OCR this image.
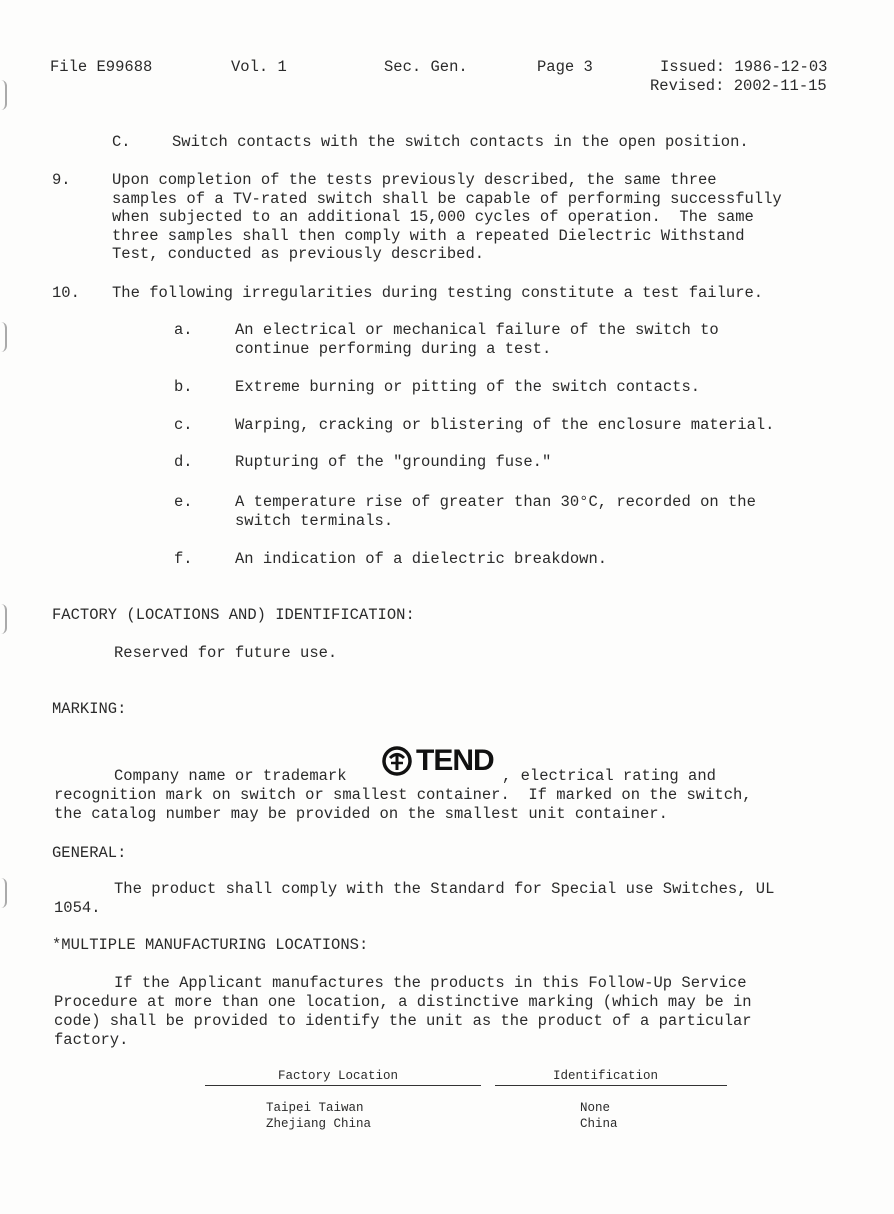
File E99688	Vol. 1	Sec. Gen.	Page 3	Issued: 1986-12-03
Revised: 2002-11-15
C.	Switch contacts with the switch contacts in the open position.
9.	Upon completion of the tests previously described, the same three
samples of a TV-rated switch shall be capable of performing successfully
when subjected to an additional 15,000 cycles of operation.  The same
three samples shall then comply with a repeated Dielectric Withstand
Test, conducted as previously described.
10. The following irregularities during testing constitute a test failure.
a.	An electrical or mechanical failure of the switch to
continue performing during a test.
b.	Extreme burning or pitting of the switch contacts.
c.	Warping, cracking or blistering of the enclosure material.
d.	Rupturing of the "grounding fuse."
e.	A temperature rise of greater than 30°C, recorded on the
switch terminals.
f.	An indication of a dielectric breakdown.
FACTORY (LOCATIONS AND) IDENTIFICATION:
Reserved for future use.
MARKING:
Company name or trademark TEND , electrical rating and
recognition mark on switch or smallest container.  If marked on the switch,
the catalog number may be provided on the smallest unit container.
GENERAL:
The product shall comply with the Standard for Special use Switches, UL
1054.
*MULTIPLE MANUFACTURING LOCATIONS:
If the Applicant manufactures the products in this Follow-Up Service
Procedure at more than one location, a distinctive marking (which may be in
code) shall be provided to identify the unit as the product of a particular
factory.
Factory Location	Identification
Taipei Taiwan	None
Zhejiang China	China
